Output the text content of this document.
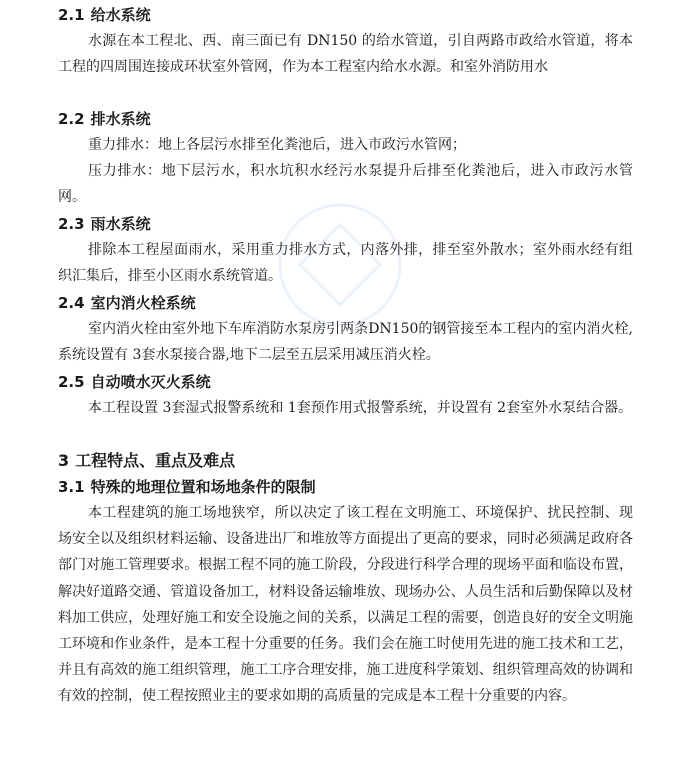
2.1 给水系统
水源在本工程北、西、南三面已有 DN150 的给水管道，引自两路市政给水管道，将本工程的四周围连接成环状室外管网，作为本工程室内给水水源。和室外消防用水
2.2 排水系统
重力排水：地上各层污水排至化粪池后，进入市政污水管网；
压力排水：地下层污水，积水坑积水经污水泵提升后排至化粪池后，进入市政污水管网。
2.3 雨水系统
排除本工程屋面雨水，采用重力排水方式，内落外排，排至室外散水；室外雨水经有组织汇集后，排至小区雨水系统管道。
2.4 室内消火栓系统
室内消火栓由室外地下车库消防水泵房引两条DN150的钢管接至本工程内的室内消火栓,系统设置有 3套水泵接合器,地下二层至五层采用减压消火栓。
2.5 自动喷水灭火系统
本工程设置 3套湿式报警系统和 1套预作用式报警系统，并设置有 2套室外水泵结合器。
3 工程特点、重点及难点
3.1 特殊的地理位置和场地条件的限制
本工程建筑的施工场地狭窄，所以决定了该工程在文明施工、环境保护、扰民控制、现场安全以及组织材料运输、设备进出厂和堆放等方面提出了更高的要求，同时必须满足政府各部门对施工管理要求。根据工程不同的施工阶段，分段进行科学合理的现场平面和临设布置，解决好道路交通、管道设备加工，材料设备运输堆放、现场办公、人员生活和后勤保障以及材料加工供应，处理好施工和安全设施之间的关系，以满足工程的需要，创造良好的安全文明施工环境和作业条件，是本工程十分重要的任务。我们会在施工时使用先进的施工技术和工艺，并且有高效的施工组织管理，施工工序合理安排，施工进度科学策划、组织管理高效的协调和有效的控制，使工程按照业主的要求如期的高质量的完成是本工程十分重要的内容。
